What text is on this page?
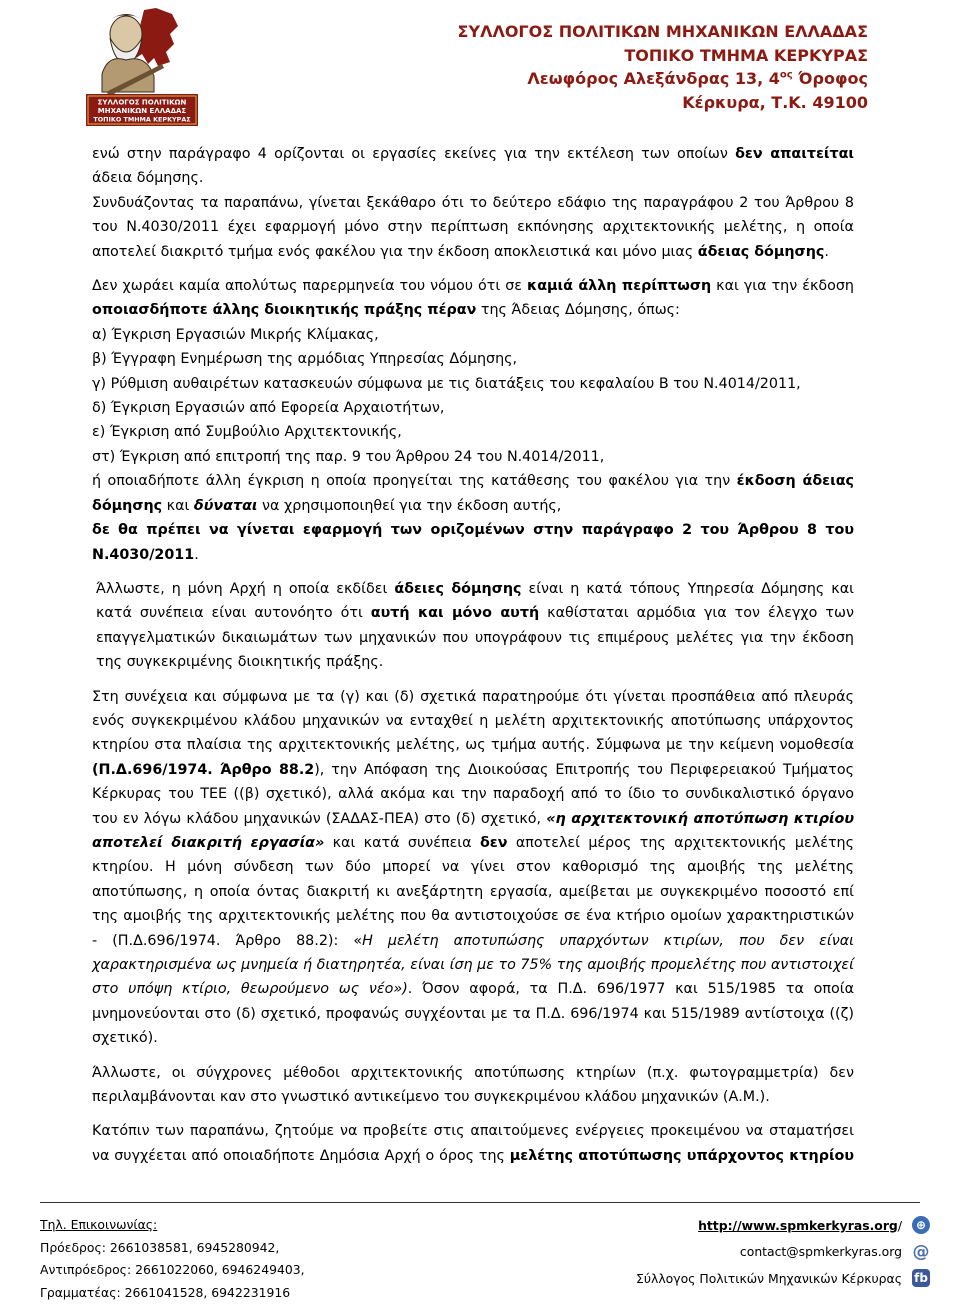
ΣΥΛΛΟΓΟΣ ΠΟΛΙΤΙΚΩΝ
ΜΗΧΑΝΙΚΩΝ ΕΛΛΑΔΑΣ
ΤΟΠΙΚΟ ΤΜΗΜΑ ΚΕΡΚΥΡΑΣ
ΣΥΛΛΟΓΟΣ ΠΟΛΙΤΙΚΩΝ ΜΗΧΑΝΙΚΩΝ ΕΛΛΑΔΑΣ
ΤΟΠΙΚΟ ΤΜΗΜΑ ΚΕΡΚΥΡΑΣ
Λεωφόρος Αλεξάνδρας 13, $4^{o\varsigma}$ Όροφος
Κέρκυρα, Τ.Κ. 49100

ενώ στην παράγραφο 4 ορίζονται οι εργασίες εκείνες για την εκτέλεση των οποίων δεν απαιτείται άδεια δόμησης.

Συνδυάζοντας τα παραπάνω, γίνεται ξεκάθαρο ότι το δεύτερο εδάφιο της παραγράφου 2 του Άρθρου 8 του Ν.4030/2011 έχει εφαρμογή μόνο στην περίπτωση εκπόνησης αρχιτεκτονικής μελέτης, η οποία αποτελεί διακριτό τμήμα ενός φακέλου για την έκδοση αποκλειστικά και μόνο μιας άδειας δόμησης.

Δεν χωράει καμία απολύτως παρερμηνεία του νόμου ότι σε καμιά άλλη περίπτωση και για την έκδοση οποιασδήποτε άλλης διοικητικής πράξης πέραν της Άδειας Δόμησης, όπως:

α) Έγκριση Εργασιών Μικρής Κλίμακας,
β) Έγγραφη Ενημέρωση της αρμόδιας Υπηρεσίας Δόμησης,
γ) Ρύθμιση αυθαιρέτων κατασκευών σύμφωνα με τις διατάξεις του κεφαλαίου Β του Ν.4014/2011,
δ) Έγκριση Εργασιών από Εφορεία Αρχαιοτήτων,
ε) Έγκριση από Συμβούλιο Αρχιτεκτονικής,
στ) Έγκριση από επιτροπή της παρ. 9 του Άρθρου 24 του Ν.4014/2011,

ή οποιαδήποτε άλλη έγκριση η οποία προηγείται της κατάθεσης του φακέλου για την έκδοση άδειας δόμησης και δύναται να χρησιμοποιηθεί για την έκδοση αυτής,

δε θα πρέπει να γίνεται εφαρμογή των οριζομένων στην παράγραφο 2 του Άρθρου 8 του Ν.4030/2011.

Άλλωστε, η μόνη Αρχή η οποία εκδίδει άδειες δόμησης είναι η κατά τόπους Υπηρεσία Δόμησης και κατά συνέπεια είναι αυτονόητο ότι αυτή και μόνο αυτή καθίσταται αρμόδια για τον έλεγχο των επαγγελματικών δικαιωμάτων των μηχανικών που υπογράφουν τις επιμέρους μελέτες για την έκδοση της συγκεκριμένης διοικητικής πράξης.

Στη συνέχεια και σύμφωνα με τα (γ) και (δ) σχετικά παρατηρούμε ότι γίνεται προσπάθεια από πλευράς ενός συγκεκριμένου κλάδου μηχανικών να ενταχθεί η μελέτη αρχιτεκτονικής αποτύπωσης υπάρχοντος κτηρίου στα πλαίσια της αρχιτεκτονικής μελέτης, ως τμήμα αυτής. Σύμφωνα με την κείμενη νομοθεσία (Π.Δ.696/1974. Άρθρο 88.2), την Απόφαση της Διοικούσας Επιτροπής του Περιφερειακού Τμήματος Κέρκυρας του ΤΕΕ ((β) σχετικό), αλλά ακόμα και την παραδοχή από το ίδιο το συνδικαλιστικό όργανο του εν λόγω κλάδου μηχανικών (ΣΑΔΑΣ-ΠΕΑ) στο (δ) σχετικό, «η αρχιτεκτονική αποτύπωση κτιρίου αποτελεί διακριτή εργασία» και κατά συνέπεια δεν αποτελεί μέρος της αρχιτεκτονικής μελέτης κτηρίου. Η μόνη σύνδεση των δύο μπορεί να γίνει στον καθορισμό της αμοιβής της μελέτης αποτύπωσης, η οποία όντας διακριτή κι ανεξάρτητη εργασία, αμείβεται με συγκεκριμένο ποσοστό επί της αμοιβής της αρχιτεκτονικής μελέτης που θα αντιστοιχούσε σε ένα κτήριο ομοίων χαρακτηριστικών - (Π.Δ.696/1974. Άρθρο 88.2): «Η μελέτη αποτυπώσης υπαρχόντων κτιρίων, που δεν είναι χαρακτηρισμένα ως μνημεία ή διατηρητέα, είναι ίση με το 75% της αμοιβής προμελέτης που αντιστοιχεί στο υπόψη κτίριο, θεωρούμενο ως νέο»). Όσον αφορά, τα Π.Δ. 696/1977 και 515/1985 τα οποία μνημονεύονται στο (δ) σχετικό, προφανώς συγχέονται με τα Π.Δ. 696/1974 και 515/1989 αντίστοιχα ((ζ) σχετικό).

Άλλωστε, οι σύγχρονες μέθοδοι αρχιτεκτονικής αποτύπωσης κτηρίων (π.χ. φωτογραμμετρία) δεν περιλαμβάνονται καν στο γνωστικό αντικείμενο του συγκεκριμένου κλάδου μηχανικών (Α.Μ.).

Κατόπιν των παραπάνω, ζητούμε να προβείτε στις απαιτούμενες ενέργειες προκειμένου να σταματήσει να συγχέεται από οποιαδήποτε Δημόσια Αρχή ο όρος της μελέτης αποτύπωσης υπάρχοντος κτηρίου

Τηλ. Επικοινωνίας:
Πρόεδρος: 2661038581, 6945280942,
Αντιπρόεδρος: 2661022060, 6946249403,
Γραμματέας: 2661041528, 6942231916
http://www.spmkerkyras.org/	⊕
contact@spmkerkyras.org @
Σύλλογος Πολιτικών Μηχανικών Κέρκυρας fb
